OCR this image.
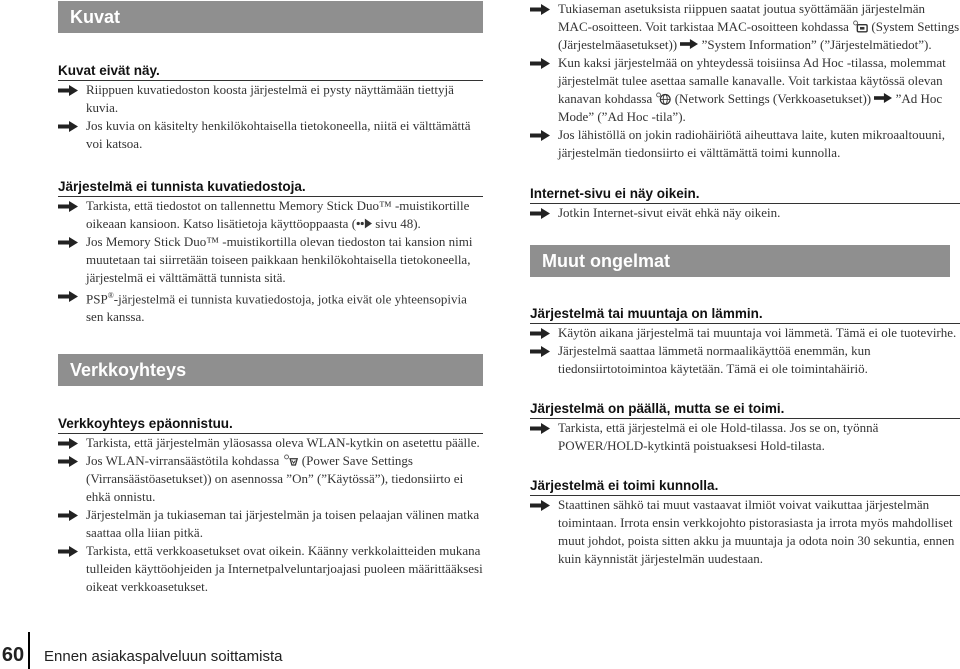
Kuvat
Kuvat eivät näy.
Riippuen kuvatiedoston koosta järjestelmä ei pysty näyttämään tiettyjä kuvia.
Jos kuvia on käsitelty henkilökohtaisella tietokoneella, niitä ei välttämättä voi katsoa.
Järjestelmä ei tunnista kuvatiedostoja.
Tarkista, että tiedostot on tallennettu Memory Stick Duo™ -muistikortille oikeaan kansioon. Katso lisätietoja käyttöoppaasta ( sivu 48).
Jos Memory Stick Duo™ -muistikortilla olevan tiedoston tai kansion nimi muutetaan tai siirretään toiseen paikkaan henkilökohtaisella tietokoneella, järjestelmä ei välttämättä tunnista sitä.
PSP®-järjestelmä ei tunnista kuvatiedostoja, jotka eivät ole yhteensopivia sen kanssa.
Verkkoyhteys
Verkkoyhteys epäonnistuu.
Tarkista, että järjestelmän yläosassa oleva WLAN-kytkin on asetettu päälle.
Jos WLAN-virransäästötila kohdassa  (Power Save Settings (Virransäästöasetukset)) on asennossa ”On” (”Käytössä”), tiedonsiirto ei ehkä onnistu.
Järjestelmän ja tukiaseman tai järjestelmän ja toisen pelaajan välinen matka saattaa olla liian pitkä.
Tarkista, että verkkoasetukset ovat oikein. Käänny verkkolaitteiden mukana tulleiden käyttöohjeiden ja Internetpalveluntarjoajasi puoleen määrittääksesi oikeat verkkoasetukset.
Tukiaseman asetuksista riippuen saatat joutua syöttämään järjestelmän MAC-osoitteen. Voit tarkistaa MAC-osoitteen kohdassa  (System Settings (Järjestelmäasetukset))  ”System Information” (”Järjestelmätiedot”).
Kun kaksi järjestelmää on yhteydessä toisiinsa Ad Hoc -tilassa, molemmat järjestelmät tulee asettaa samalle kanavalle. Voit tarkistaa käytössä olevan kanavan kohdassa  (Network Settings (Verkkoasetukset))  ”Ad Hoc Mode” (”Ad Hoc -tila”).
Jos lähistöllä on jokin radiohäiriötä aiheuttava laite, kuten mikroaaltouuni, järjestelmän tiedonsiirto ei välttämättä toimi kunnolla.
Internet-sivu ei näy oikein.
Jotkin Internet-sivut eivät ehkä näy oikein.
Muut ongelmat
Järjestelmä tai muuntaja on lämmin.
Käytön aikana järjestelmä tai muuntaja voi lämmetä. Tämä ei ole tuotevirhe.
Järjestelmä saattaa lämmetä normaalikäyttöä enemmän, kun tiedonsiirtotoimintoa käytetään. Tämä ei ole toimintahäiriö.
Järjestelmä on päällä, mutta se ei toimi.
Tarkista, että järjestelmä ei ole Hold-tilassa. Jos se on, työnnä POWER/HOLD-kytkintä poistuaksesi Hold-tilasta.
Järjestelmä ei toimi kunnolla.
Staattinen sähkö tai muut vastaavat ilmiöt voivat vaikuttaa järjestelmän toimintaan. Irrota ensin verkkojohto pistorasiasta ja irrota myös mahdolliset muut johdot, poista sitten akku ja muuntaja ja odota noin 30 sekuntia, ennen kuin käynnistät järjestelmän uudestaan.
60 Ennen asiakaspalveluun soittamista
